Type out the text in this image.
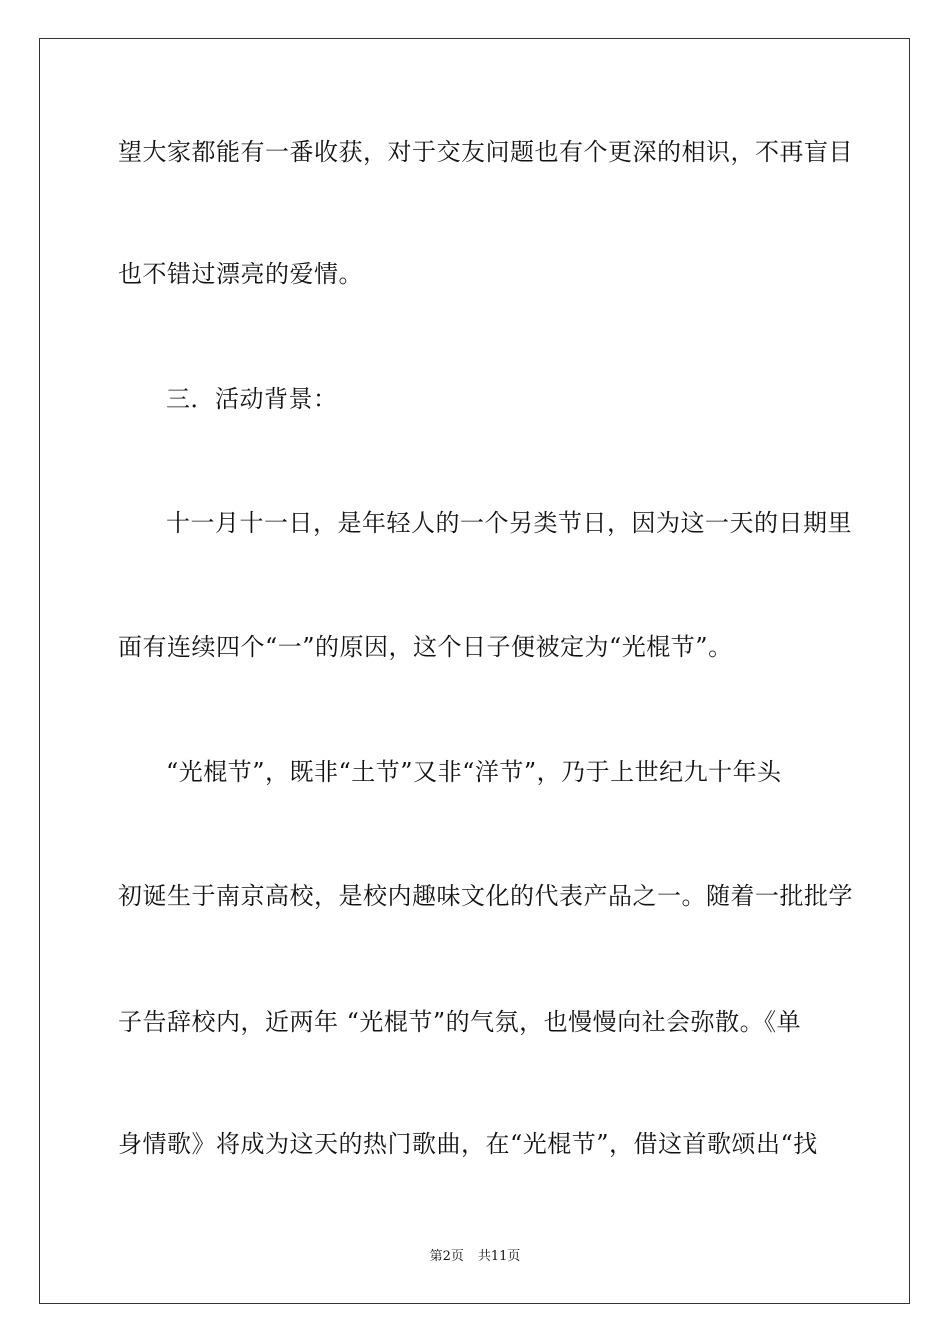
望大家都能有一番收获，对于交友问题也有个更深的相识，不再盲目
也不错过漂亮的爱情。
三．活动背景：
十一月十一日，是年轻人的一个另类节日，因为这一天的日期里
面有连续四个“一”的原因，这个日子便被定为“光棍节”。
“光棍节”，既非“土节”又非“洋节”，乃于上世纪九十年头
初诞生于南京高校，是校内趣味文化的代表产品之一。随着一批批学
子告辞校内，近两年 “光棍节”的气氛，也慢慢向社会弥散。《单
身情歌》将成为这天的热门歌曲，在“光棍节”，借这首歌颂出“找
第2页 共11页
